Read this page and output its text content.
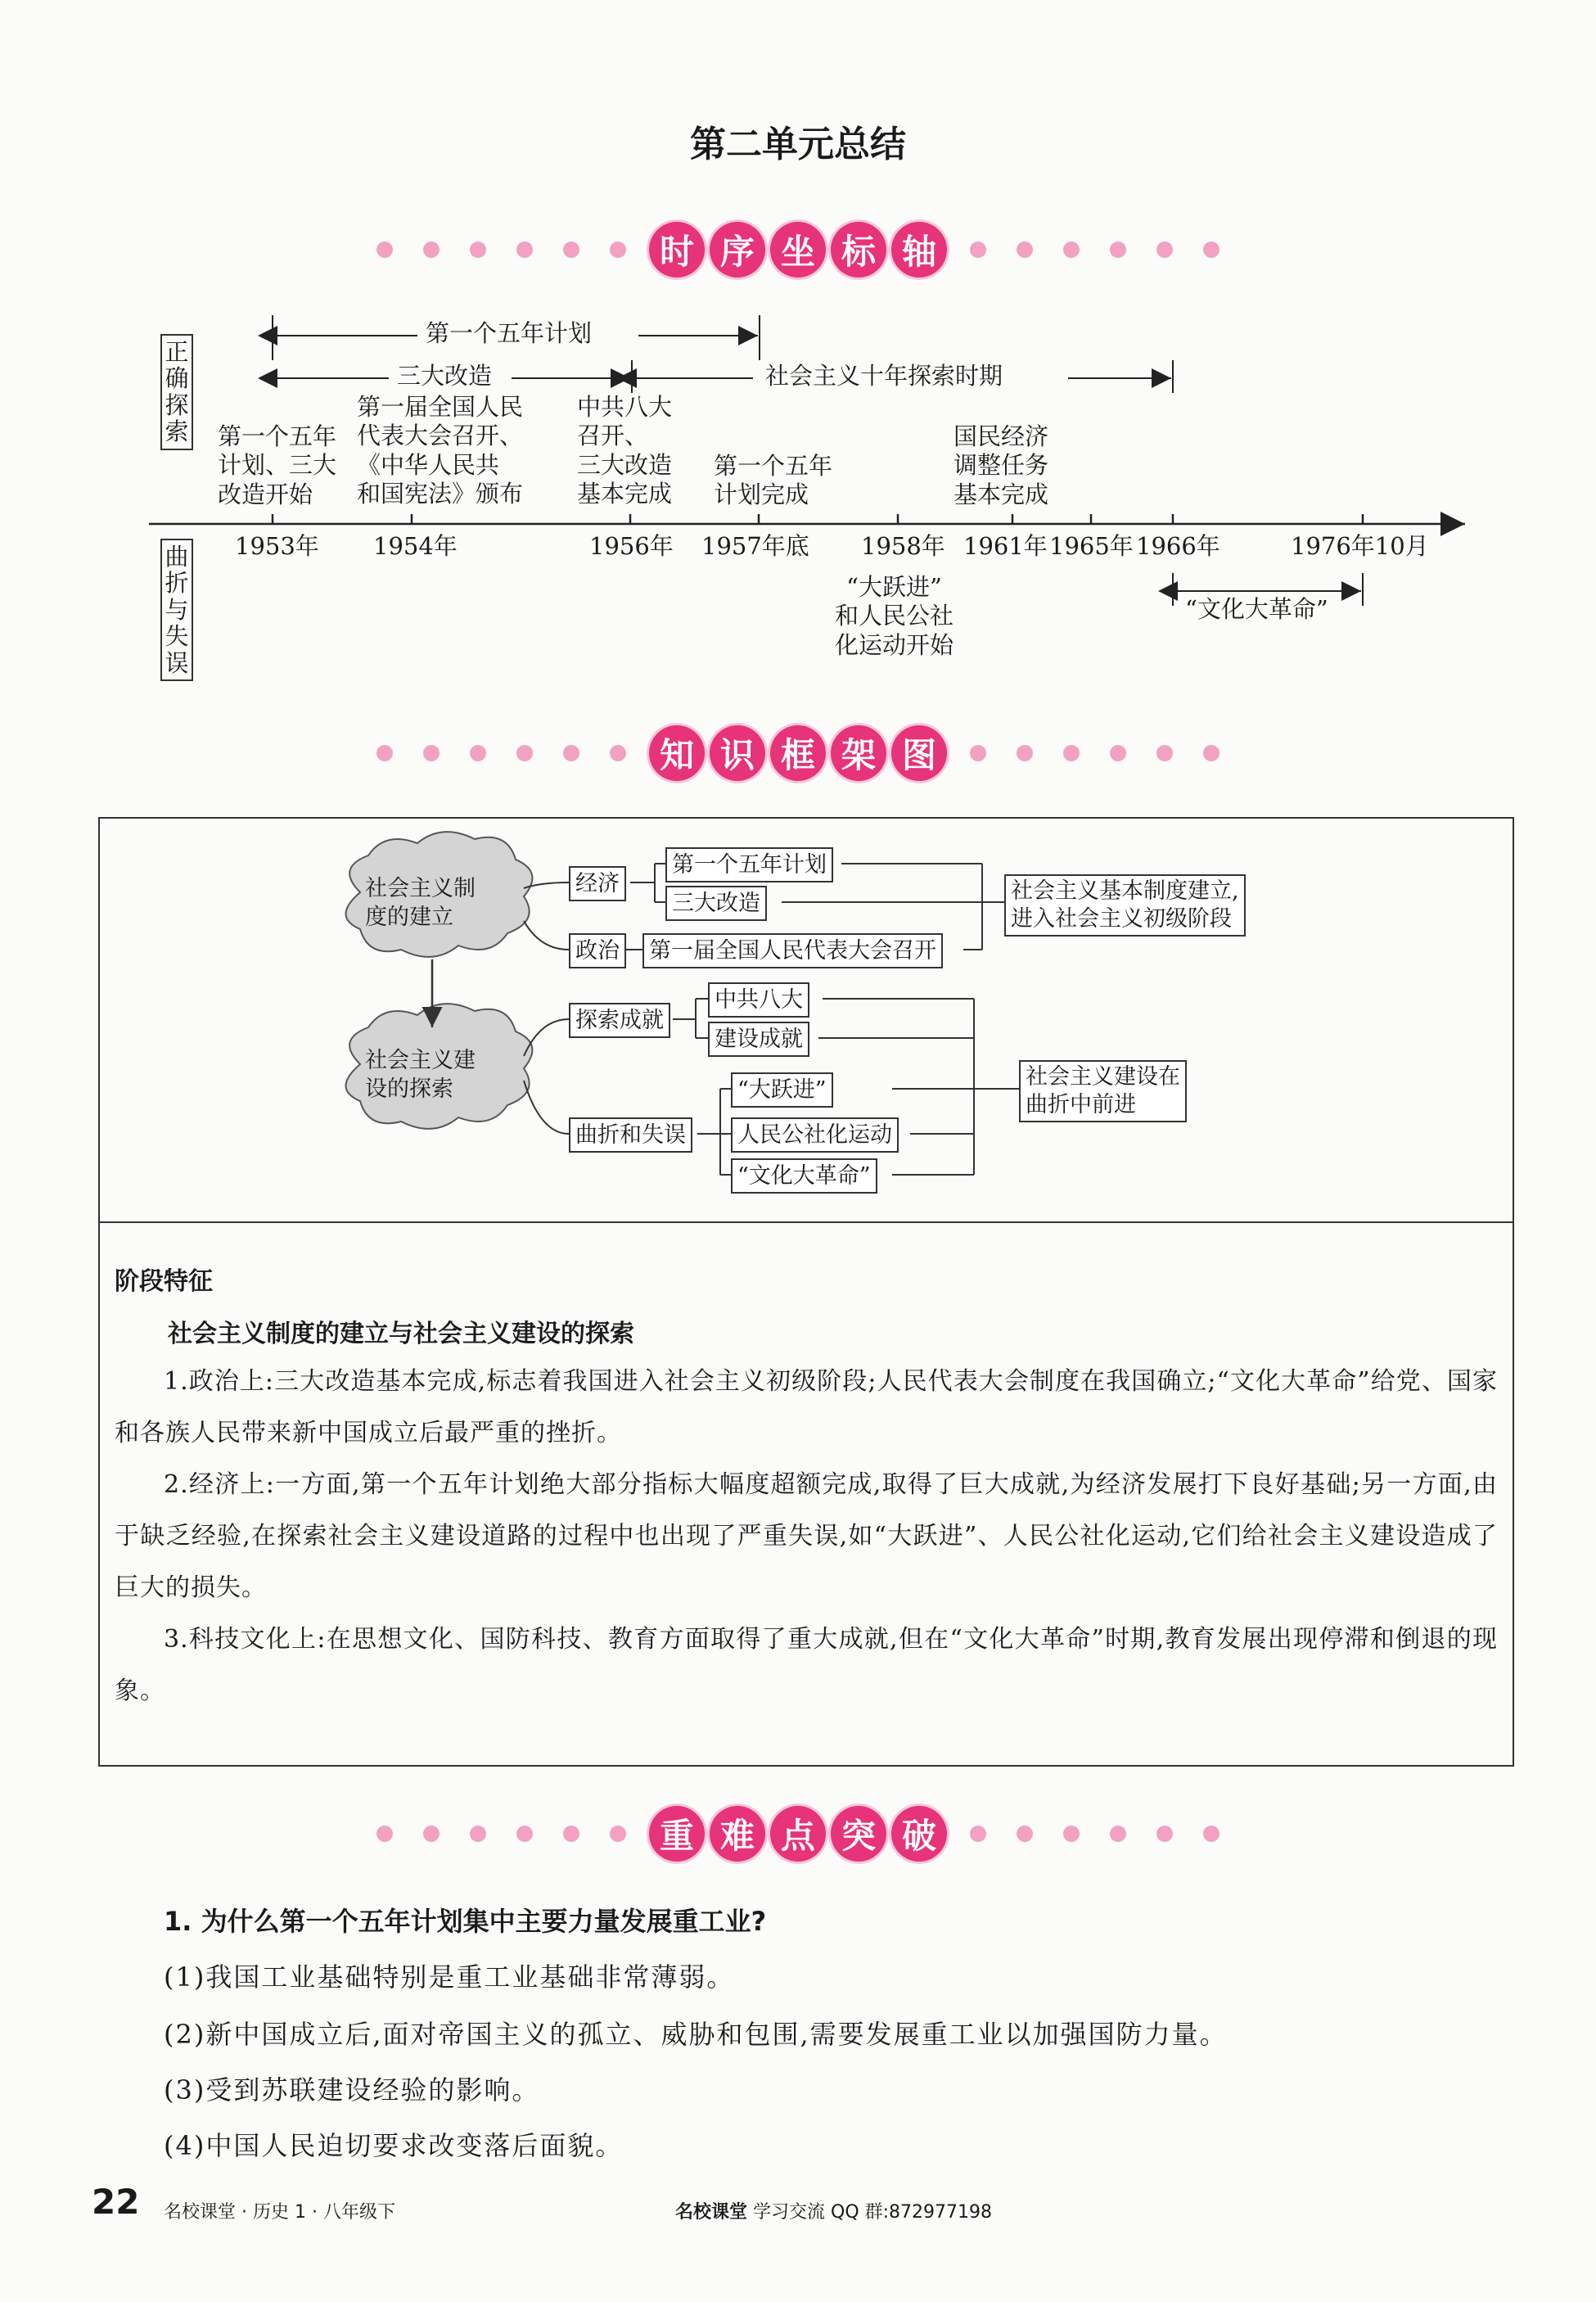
第二单元总结
时 序 坐 标 轴
正确探索
曲折与失误
第一个五年计划
三大改造	社会主义十年探索时期
“文化大革命”
第一个五年
计划、三大
改造开始
第一届全国人民
代表大会召开、
《中华人民共
和国宪法》颁布
中共八大
召开、
三大改造
基本完成
第一个五年
计划完成
国民经济
调整任务
基本完成
1953年 1954年	1956年 1957年底 1958年 1961年 1965年 1966年	1976年10月
“大跃进”
和人民公社
化运动开始
知 识 框 架 图
社会主义制度的建立
社会主义建设的探索
经济
政治
第一个五年计划
三大改造
第一届全国人民代表大会召开
社会主义基本制度建立,
进入社会主义初级阶段
探索成就
曲折和失误
中共八大
建设成就
“大跃进”
人民公社化运动
“文化大革命”
社会主义建设在
曲折中前进
阶段特征
社会主义制度的建立与社会主义建设的探索
1.政治上:三大改造基本完成,标志着我国进入社会主义初级阶段;人民代表大会制度在我国确立;“文化大革命”给党、国家和各族人民带来新中国成立后最严重的挫折。
2.经济上:一方面,第一个五年计划绝大部分指标大幅度超额完成,取得了巨大成就,为经济发展打下良好基础;另一方面,由于缺乏经验,在探索社会主义建设道路的过程中也出现了严重失误,如“大跃进”、人民公社化运动,它们给社会主义建设造成了巨大的损失。
3.科技文化上:在思想文化、国防科技、教育方面取得了重大成就,但在“文化大革命”时期,教育发展出现停滞和倒退的现象。
重 难 点 突 破
1. 为什么第一个五年计划集中主要力量发展重工业?
(1)我国工业基础特别是重工业基础非常薄弱。
(2)新中国成立后,面对帝国主义的孤立、威胁和包围,需要发展重工业以加强国防力量。
(3)受到苏联建设经验的影响。
(4)中国人民迫切要求改变落后面貌。
22 名校课堂 · 历史 1 · 八年级下	名校课堂 学习交流 QQ 群:872977198
